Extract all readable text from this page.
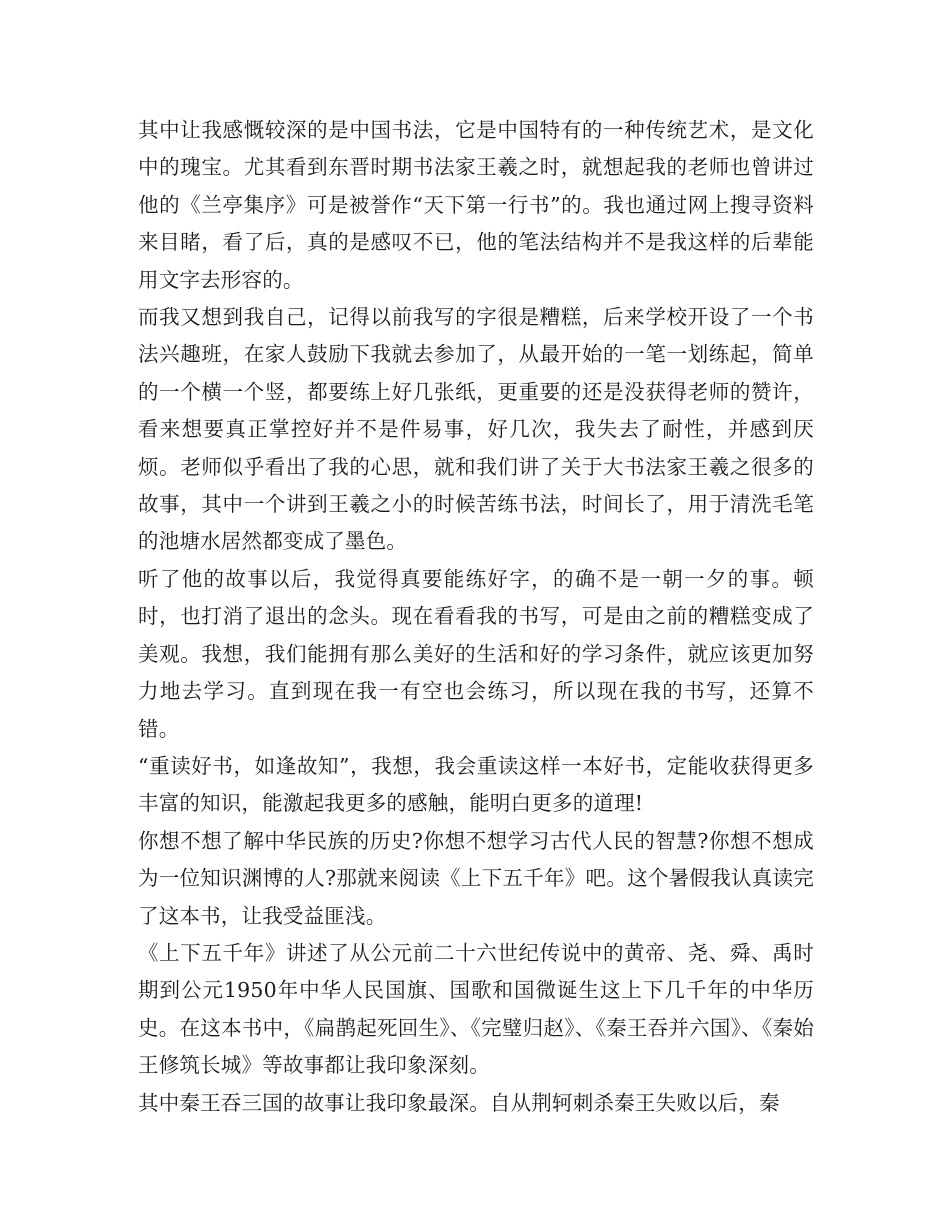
其中让我感慨较深的是中国书法，它是中国特有的一种传统艺术，是文化中的瑰宝。尤其看到东晋时期书法家王羲之时，就想起我的老师也曾讲过他的《兰亭集序》可是被誉作“天下第一行书”的。我也通过网上搜寻资料来目睹，看了后，真的是感叹不已，他的笔法结构并不是我这样的后辈能用文字去形容的。

而我又想到我自己，记得以前我写的字很是糟糕，后来学校开设了一个书法兴趣班，在家人鼓励下我就去参加了，从最开始的一笔一划练起，简单的一个横一个竖，都要练上好几张纸，更重要的还是没获得老师的赞许，看来想要真正掌控好并不是件易事，好几次，我失去了耐性，并感到厌烦。老师似乎看出了我的心思，就和我们讲了关于大书法家王羲之很多的故事，其中一个讲到王羲之小的时候苦练书法，时间长了，用于清洗毛笔的池塘水居然都变成了墨色。

听了他的故事以后，我觉得真要能练好字，的确不是一朝一夕的事。顿时，也打消了退出的念头。现在看看我的书写，可是由之前的糟糕变成了美观。我想，我们能拥有那么美好的生活和好的学习条件，就应该更加努力地去学习。直到现在我一有空也会练习，所以现在我的书写，还算不错。

“重读好书，如逢故知”，我想，我会重读这样一本好书，定能收获得更多丰富的知识，能激起我更多的感触，能明白更多的道理!

你想不想了解中华民族的历史?你想不想学习古代人民的智慧?你想不想成为一位知识渊博的人?那就来阅读《上下五千年》吧。这个暑假我认真读完了这本书，让我受益匪浅。

《上下五千年》讲述了从公元前二十六世纪传说中的黄帝、尧、舜、禹时期到公元1950年中华人民国旗、国歌和国微诞生这上下几千年的中华历史。在这本书中，《扁鹊起死回生》、《完璧归赵》、《秦王吞并六国》、《秦始王修筑长城》等故事都让我印象深刻。

其中秦王吞三国的故事让我印象最深。自从荆轲刺杀秦王失败以后，秦
